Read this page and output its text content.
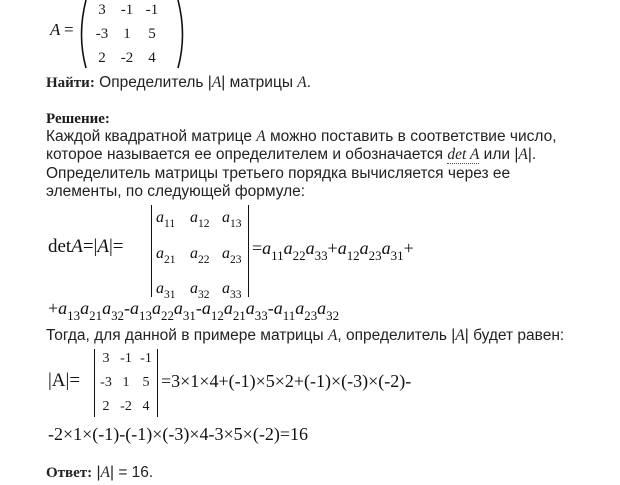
A =
3	-1 -1
-3	1	5
2	-2	4
Найти: Определитель |A| матрицы A.
Решение:
Каждой квадратной матрице A можно поставить в соответствие число,
которое называется ее определителем и обозначается det A или |A|.
Определитель матрицы третьего порядка вычисляется через ее
элементы, по следующей формуле:
detA=|A|=
$a_{11}$ $a_{12}$ $a_{13}$
$a_{21}$ $a_{22}$ $a_{23}$
$a_{31}$ $a_{32}$ $a_{33}$
$=a_{11}a_{22}a_{33}+a_{12}a_{23}a_{31}+$
$+a_{13}a_{21}a_{32}-a_{13}a_{22}a_{31}-a_{12}a_{21}a_{33}-a_{11}a_{23}a_{32}$
Тогда, для данной в примере матрицы A, определитель |A| будет равен:
|A|=
3 -1 -1
-3 1 5
2 -2 4
=3×1×4+(-1)×5×2+(-1)×(-3)×(-2)-
-2×1×(-1)-(-1)×(-3)×4-3×5×(-2)=16
Ответ: |A| = 16.
